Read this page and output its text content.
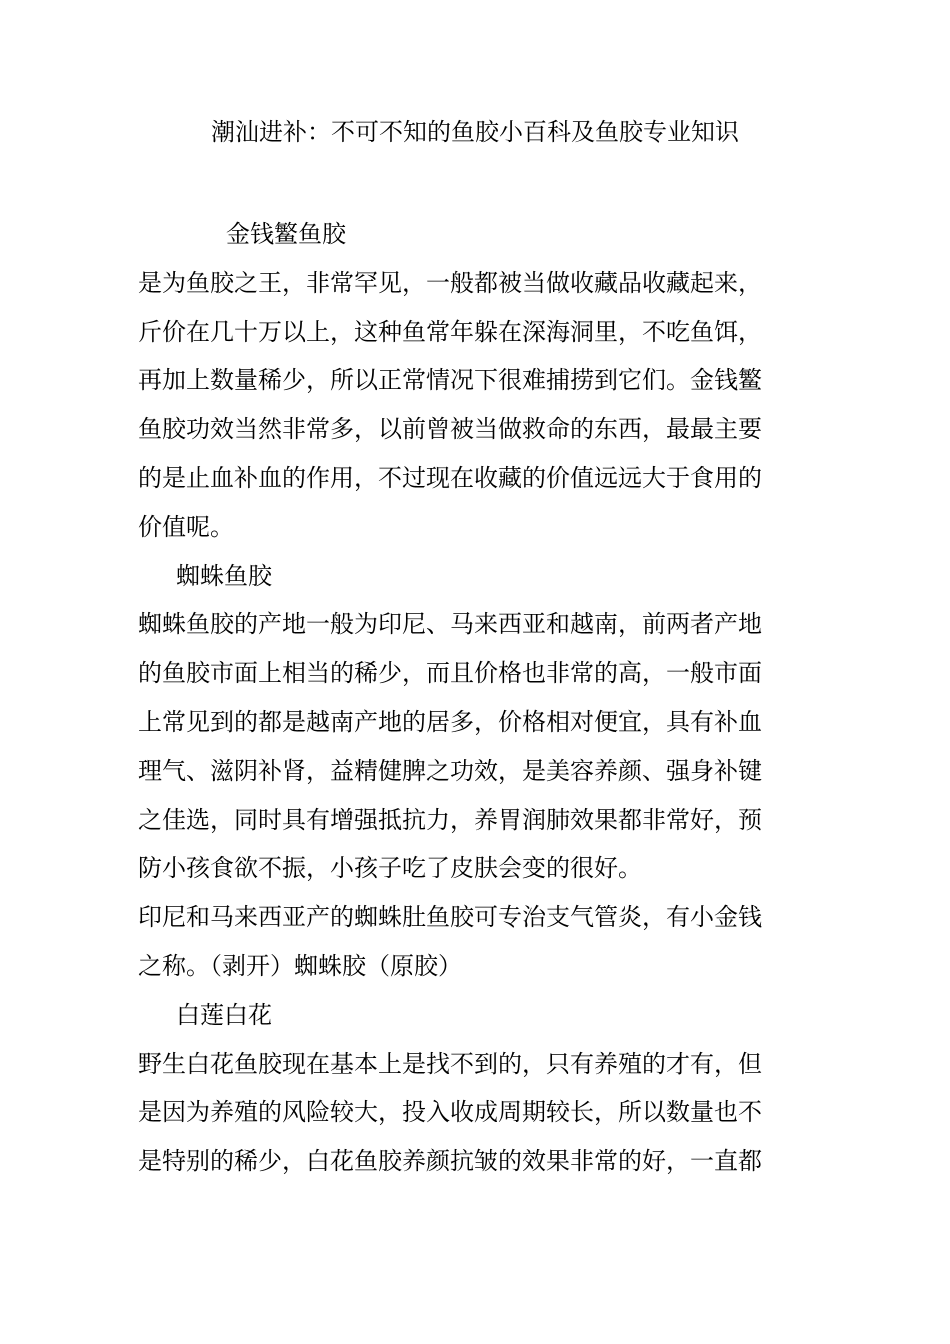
潮汕进补：不可不知的鱼胶小百科及鱼胶专业知识
金钱鳘鱼胶
是为鱼胶之王，非常罕见，一般都被当做收藏品收藏起来，
斤价在几十万以上，这种鱼常年躲在深海洞里，不吃鱼饵，
再加上数量稀少，所以正常情况下很难捕捞到它们。金钱鳘
鱼胶功效当然非常多，以前曾被当做救命的东西，最最主要
的是止血补血的作用，不过现在收藏的价值远远大于食用的
价值呢。
蜘蛛鱼胶
蜘蛛鱼胶的产地一般为印尼、马来西亚和越南，前两者产地
的鱼胶市面上相当的稀少，而且价格也非常的高，一般市面
上常见到的都是越南产地的居多，价格相对便宜，具有补血
理气、滋阴补肾，益精健脾之功效，是美容养颜、强身补键
之佳选，同时具有增强抵抗力，养胃润肺效果都非常好，预
防小孩食欲不振，小孩子吃了皮肤会变的很好。
印尼和马来西亚产的蜘蛛肚鱼胶可专治支气管炎，有小金钱
之称。（剥开）蜘蛛胶（原胶）
白莲白花
野生白花鱼胶现在基本上是找不到的，只有养殖的才有，但
是因为养殖的风险较大，投入收成周期较长，所以数量也不
是特别的稀少，白花鱼胶养颜抗皱的效果非常的好，一直都
